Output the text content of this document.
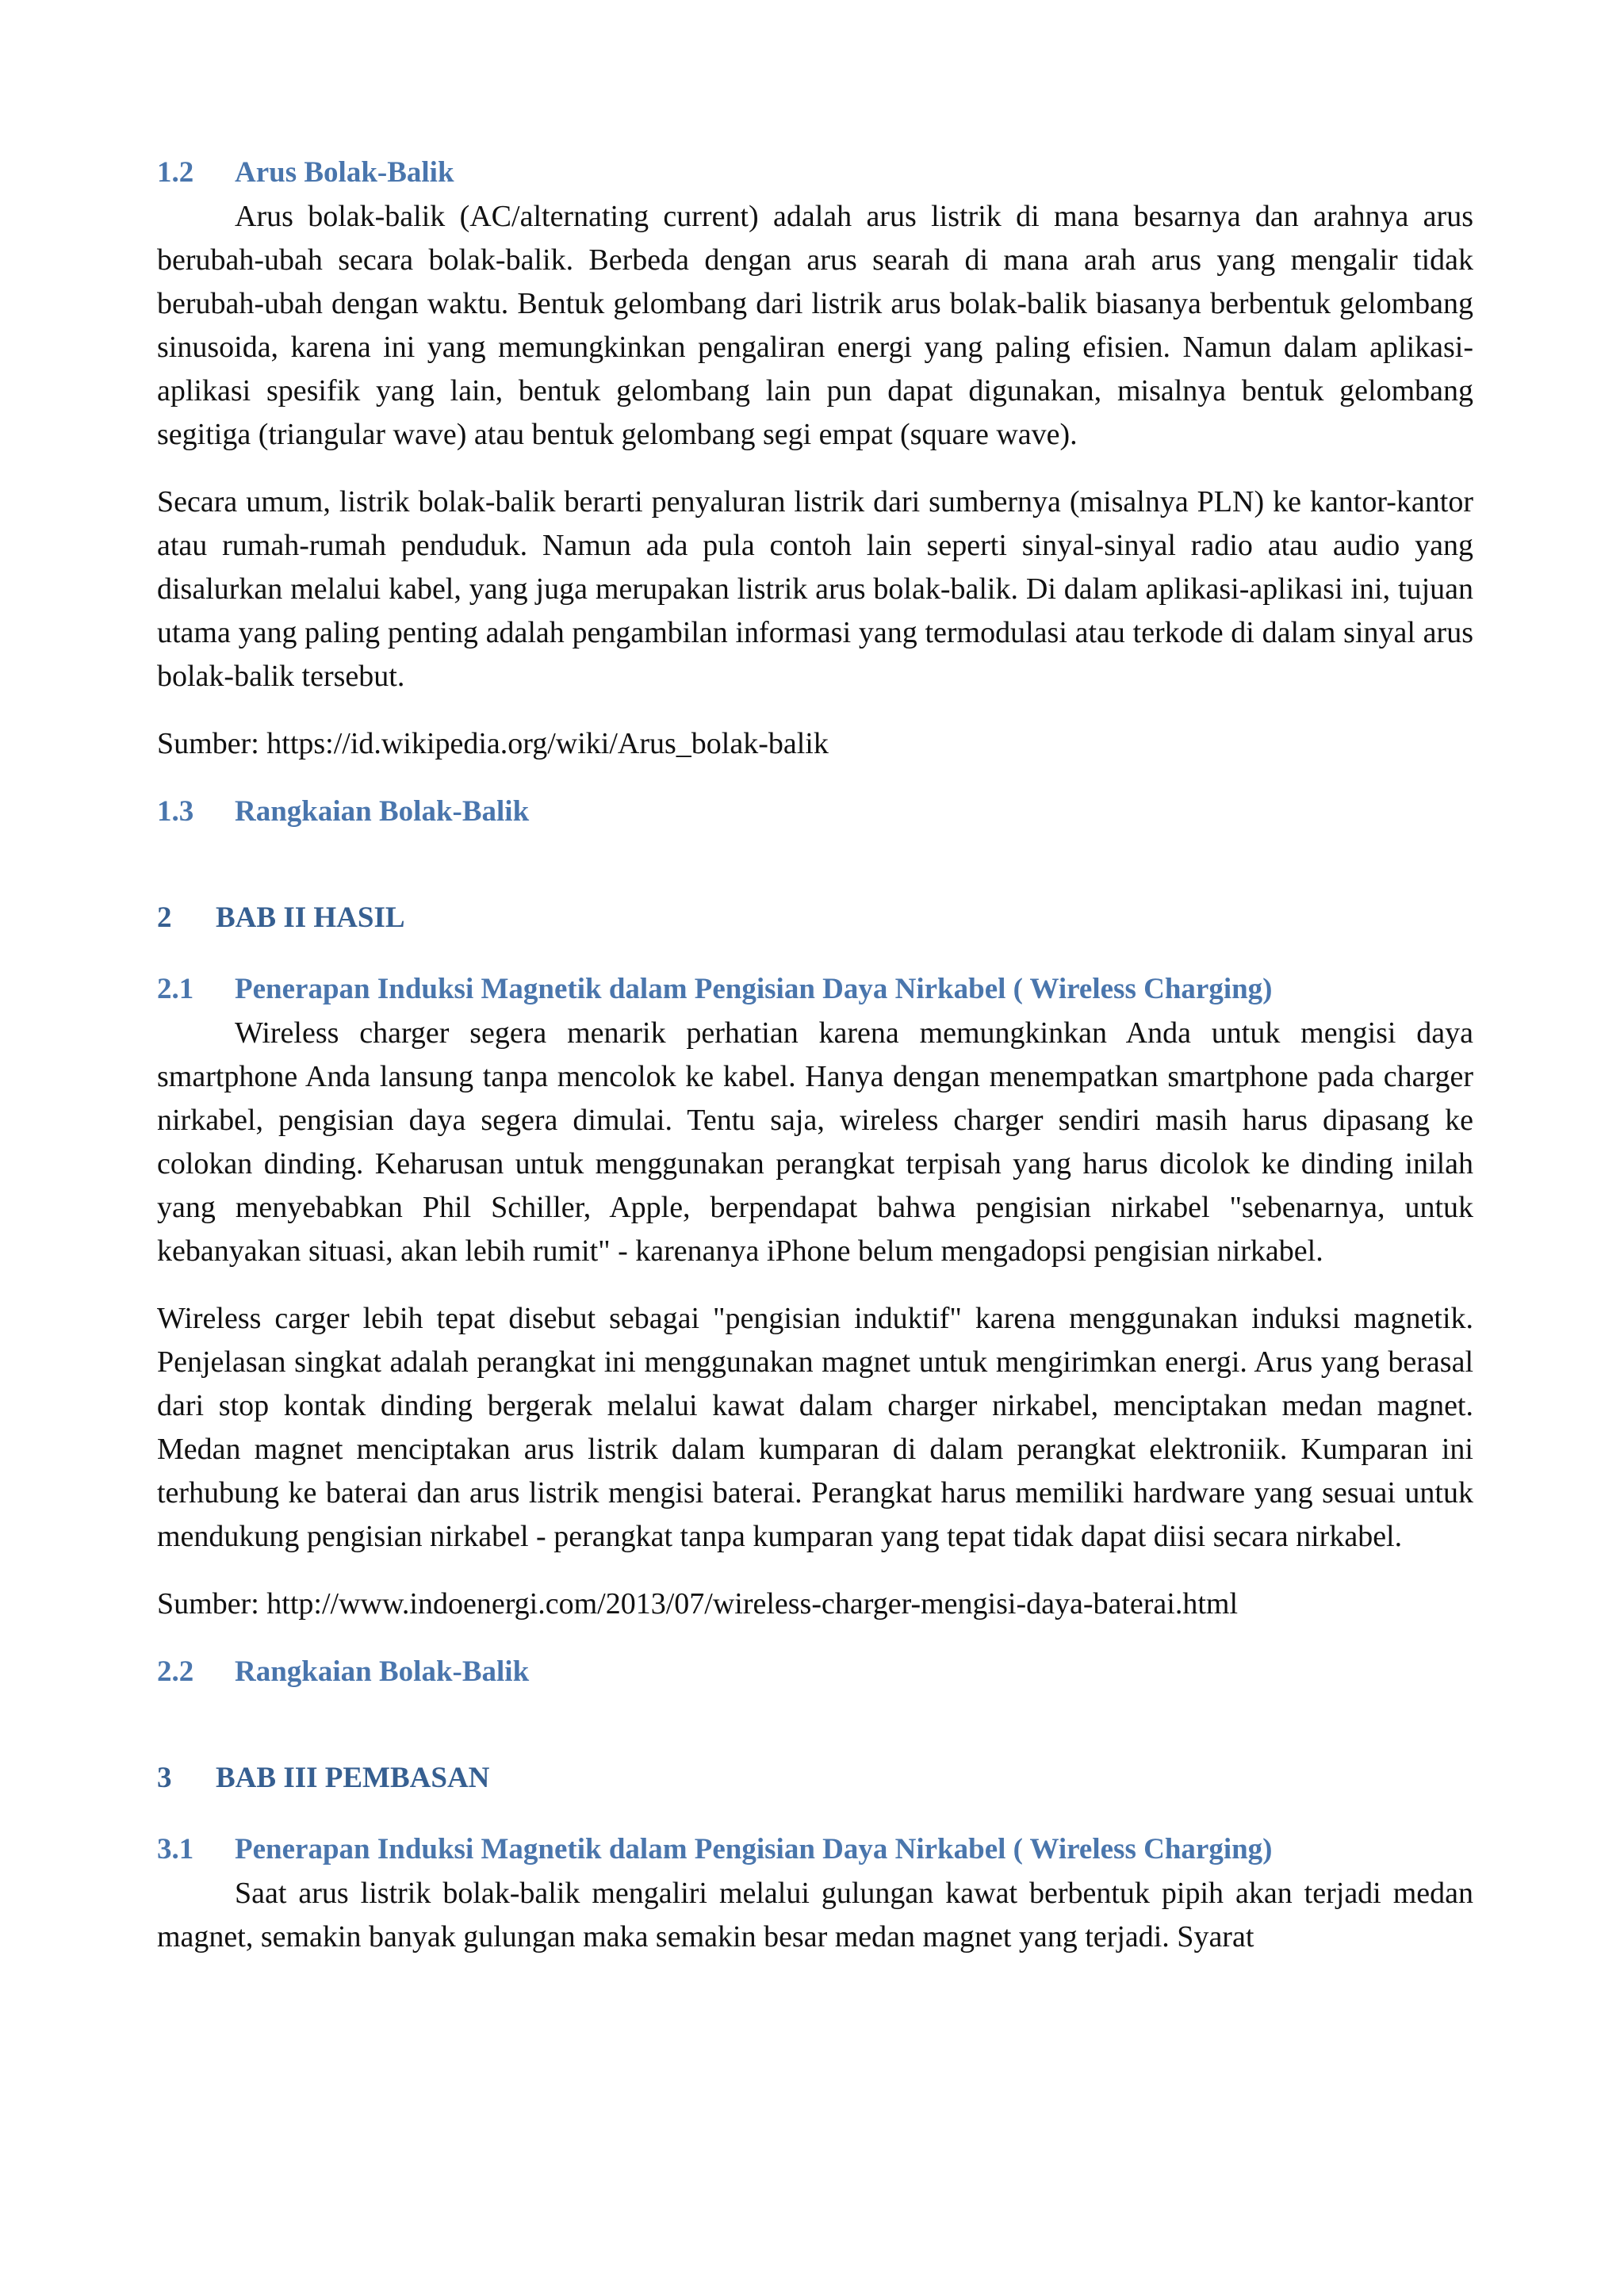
1.2 Arus Bolak-Balik

Arus bolak-balik (AC/alternating current) adalah arus listrik di mana besarnya dan arahnya arus berubah-ubah secara bolak-balik. Berbeda dengan arus searah di mana arah arus yang mengalir tidak berubah-ubah dengan waktu. Bentuk gelombang dari listrik arus bolak-balik biasanya berbentuk gelombang sinusoida, karena ini yang memungkinkan pengaliran energi yang paling efisien. Namun dalam aplikasi-aplikasi spesifik yang lain, bentuk gelombang lain pun dapat digunakan, misalnya bentuk gelombang segitiga (triangular wave) atau bentuk gelombang segi empat (square wave).

Secara umum, listrik bolak-balik berarti penyaluran listrik dari sumbernya (misalnya PLN) ke kantor-kantor atau rumah-rumah penduduk. Namun ada pula contoh lain seperti sinyal-sinyal radio atau audio yang disalurkan melalui kabel, yang juga merupakan listrik arus bolak-balik. Di dalam aplikasi-aplikasi ini, tujuan utama yang paling penting adalah pengambilan informasi yang termodulasi atau terkode di dalam sinyal arus bolak-balik tersebut.

Sumber: https://id.wikipedia.org/wiki/Arus_bolak-balik

1.3 Rangkaian Bolak-Balik
2 BAB II HASIL
2.1 Penerapan Induksi Magnetik dalam Pengisian Daya Nirkabel ( Wireless Charging)

Wireless charger segera menarik perhatian karena memungkinkan Anda untuk mengisi daya smartphone Anda lansung tanpa mencolok ke kabel. Hanya dengan menempatkan smartphone pada charger nirkabel, pengisian daya segera dimulai. Tentu saja, wireless charger sendiri masih harus dipasang ke colokan dinding. Keharusan untuk menggunakan perangkat terpisah yang harus dicolok ke dinding inilah yang menyebabkan Phil Schiller, Apple, berpendapat bahwa pengisian nirkabel "sebenarnya, untuk kebanyakan situasi, akan lebih rumit" - karenanya iPhone belum mengadopsi pengisian nirkabel.

Wireless carger lebih tepat disebut sebagai "pengisian induktif" karena menggunakan induksi magnetik. Penjelasan singkat adalah perangkat ini menggunakan magnet untuk mengirimkan energi. Arus yang berasal dari stop kontak dinding bergerak melalui kawat dalam charger nirkabel, menciptakan medan magnet. Medan magnet menciptakan arus listrik dalam kumparan di dalam perangkat elektroniik. Kumparan ini terhubung ke baterai dan arus listrik mengisi baterai. Perangkat harus memiliki hardware yang sesuai untuk mendukung pengisian nirkabel - perangkat tanpa kumparan yang tepat tidak dapat diisi secara nirkabel.

Sumber: http://www.indoenergi.com/2013/07/wireless-charger-mengisi-daya-baterai.html

2.2 Rangkaian Bolak-Balik
3 BAB III PEMBASAN
3.1 Penerapan Induksi Magnetik dalam Pengisian Daya Nirkabel ( Wireless Charging)

Saat arus listrik bolak-balik mengaliri melalui gulungan kawat berbentuk pipih akan terjadi medan magnet, semakin banyak gulungan maka semakin besar medan magnet yang terjadi. Syarat
